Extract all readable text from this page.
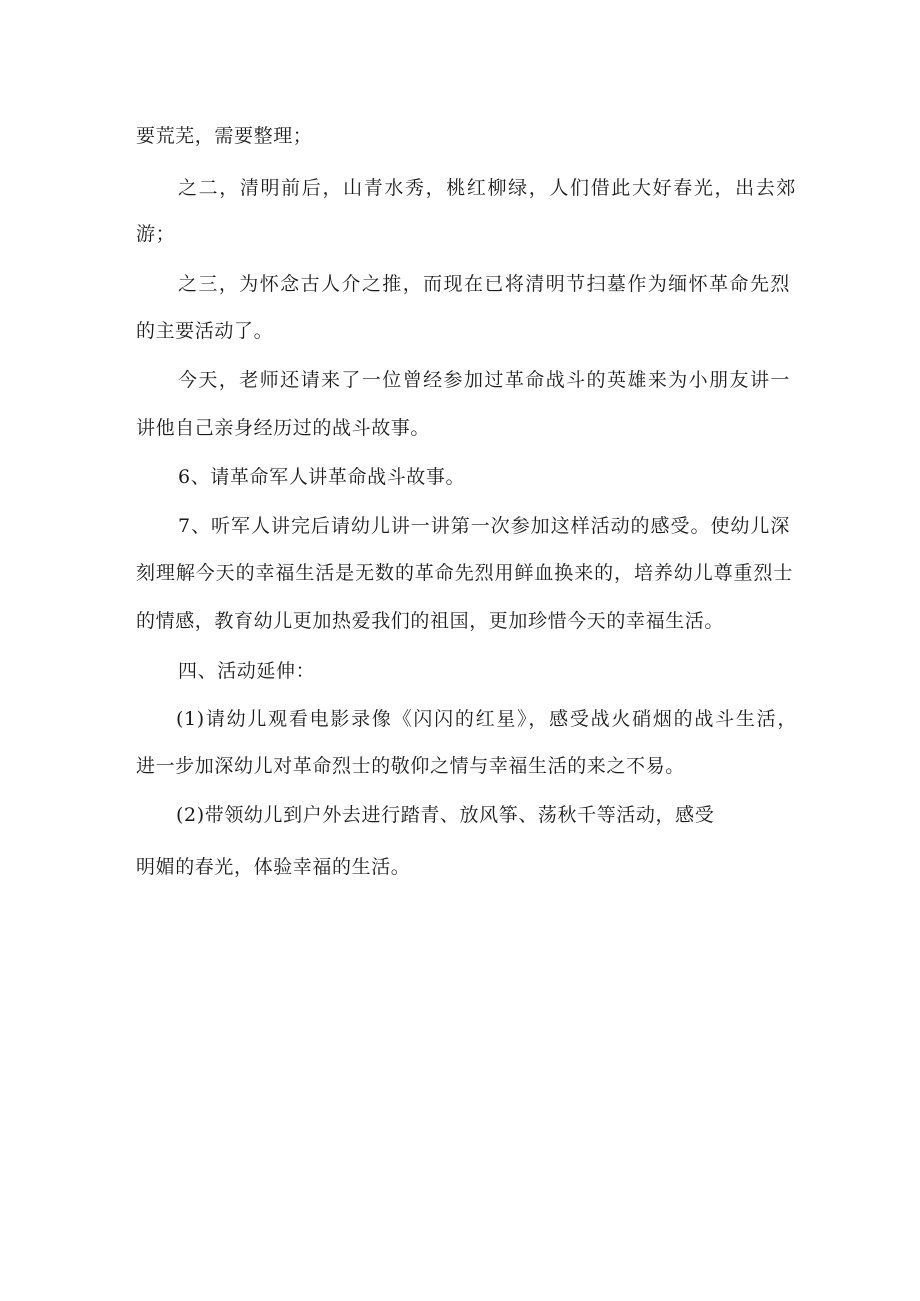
要荒芜，需要整理；
之二，清明前后，山青水秀，桃红柳绿，人们借此大好春光，出去郊
游；
之三，为怀念古人介之推，而现在已将清明节扫墓作为缅怀革命先烈
的主要活动了。
今天，老师还请来了一位曾经参加过革命战斗的英雄来为小朋友讲一
讲他自己亲身经历过的战斗故事。
6、请革命军人讲革命战斗故事。
7、听军人讲完后请幼儿讲一讲第一次参加这样活动的感受。使幼儿深
刻理解今天的幸福生活是无数的革命先烈用鲜血换来的，培养幼儿尊重烈士
的情感，教育幼儿更加热爱我们的祖国，更加珍惜今天的幸福生活。
四、活动延伸：
(1)请幼儿观看电影录像《闪闪的红星》，感受战火硝烟的战斗生活，
进一步加深幼儿对革命烈士的敬仰之情与幸福生活的来之不易。
(2)带领幼儿到户外去进行踏青、放风筝、荡秋千等活动，感受
明媚的春光，体验幸福的生活。
